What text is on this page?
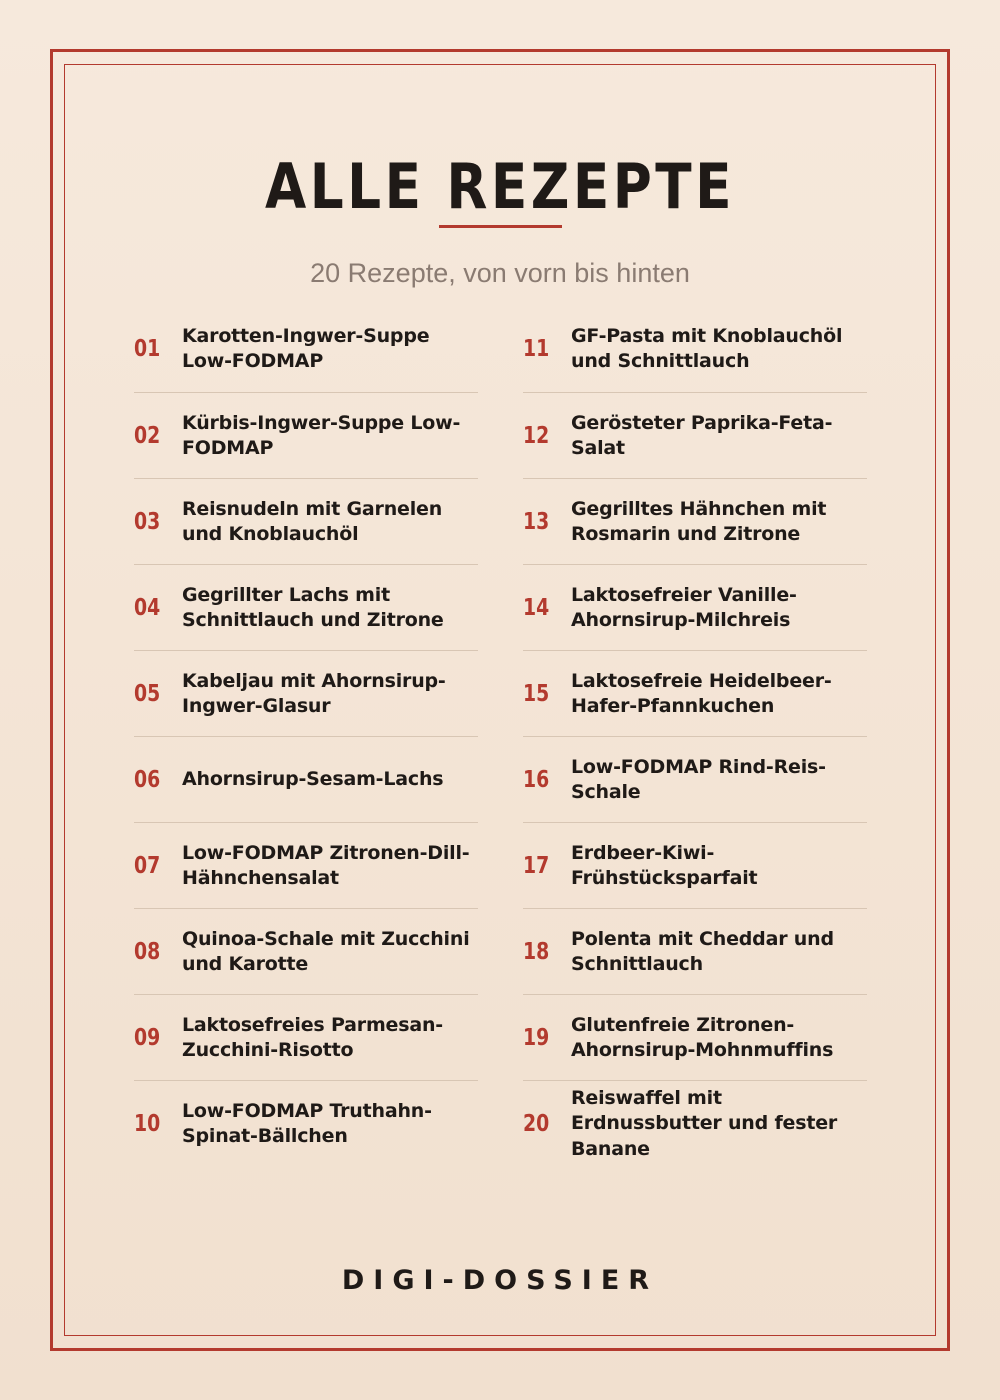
ALLE REZEPTE
20 Rezepte, von vorn bis hinten
01
Karotten-Ingwer-Suppe Low-FODMAP
02
Kürbis-Ingwer-Suppe Low-FODMAP
03
Reisnudeln mit Garnelen und Knoblauchöl
04
Gegrillter Lachs mit Schnittlauch und Zitrone
05
Kabeljau mit Ahornsirup-Ingwer-Glasur
06	Ahornsirup-Sesam-Lachs
07
Low-FODMAP Zitronen-Dill-Hähnchensalat
08
Quinoa-Schale mit Zucchini und Karotte
09
Laktosefreies Parmesan-Zucchini-Risotto
10
Low-FODMAP Truthahn-Spinat-Bällchen
11
GF-Pasta mit Knoblauchöl und Schnittlauch
12
Gerösteter Paprika-Feta-Salat
13
Gegrilltes Hähnchen mit Rosmarin und Zitrone
14
Laktosefreier Vanille-Ahornsirup-Milchreis
15
Laktosefreie Heidelbeer-Hafer-Pfannkuchen
16
Low-FODMAP Rind-Reis-Schale
17
Erdbeer-Kiwi-Frühstücksparfait
18
Polenta mit Cheddar und Schnittlauch
19
Glutenfreie Zitronen-Ahornsirup-Mohnmuffins
20
Reiswaffel mit Erdnussbutter und fester Banane
DIGI-DOSSIER
